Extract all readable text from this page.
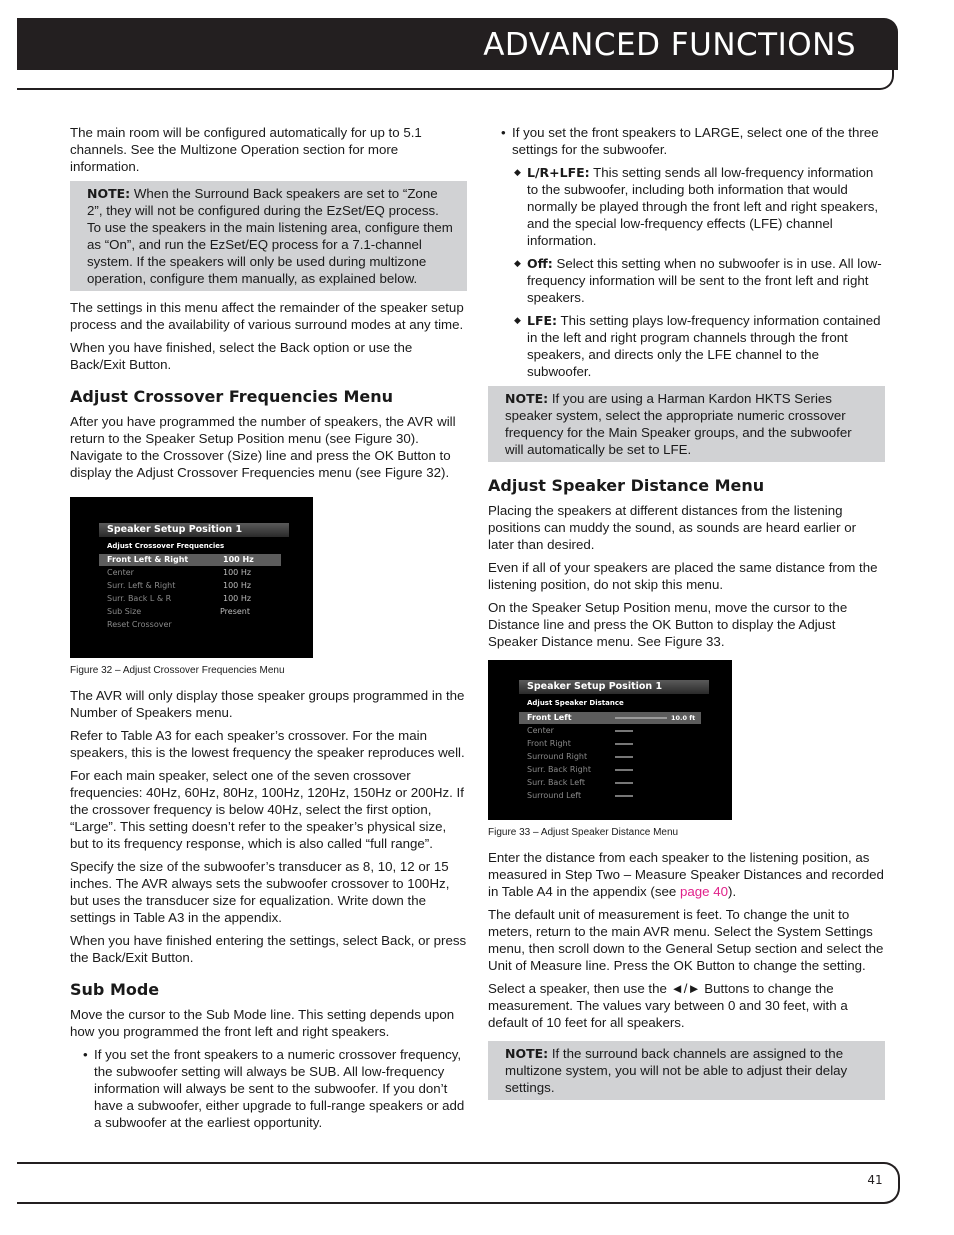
ADVANCED FUNCTIONS

The main room will be configured automatically for up to 5.1 channels. See the Multizone Operation section for more information.

NOTE: When the Surround Back speakers are set to “Zone 2”, they will not be configured during the EzSet/EQ process. To use the speakers in the main listening area, configure them as “On”, and run the EzSet/EQ process for a 7.1-channel system. If the speakers will only be used during multizone operation, configure them manually, as explained below.

The settings in this menu affect the remainder of the speaker setup process and the availability of various surround modes at any time.

When you have finished, select the Back option or use the Back/Exit Button.

Adjust Crossover Frequencies Menu

After you have programmed the number of speakers, the AVR will return to the Speaker Setup Position menu (see Figure 30). Navigate to the Crossover (Size) line and press the OK Button to display the Adjust Crossover Frequencies menu (see Figure 32).

Speaker Setup Position 1
Adjust Crossover Frequencies
Front Left & Right	100 Hz
Center	100 Hz
Surr. Left & Right	100 Hz
Surr. Back L & R	100 Hz
Sub Size	Present
Reset Crossover
Figure 32 – Adjust Crossover Frequencies Menu

The AVR will only display those speaker groups programmed in the Number of Speakers menu.

Refer to Table A3 for each speaker’s crossover. For the main speakers, this is the lowest frequency the speaker reproduces well.

For each main speaker, select one of the seven crossover frequencies: 40Hz, 60Hz, 80Hz, 100Hz, 120Hz, 150Hz or 200Hz. If the crossover frequency is below 40Hz, select the first option, “Large”. This setting doesn’t refer to the speaker’s physical size, but to its frequency response, which is also called “full range”.

Specify the size of the subwoofer’s transducer as 8, 10, 12 or 15 inches. The AVR always sets the subwoofer crossover to 100Hz, but uses the transducer size for equalization. Write down the settings in Table A3 in the appendix.

When you have finished entering the settings, select Back, or press the Back/Exit Button.

Sub Mode

Move the cursor to the Sub Mode line. This setting depends upon how you programmed the front left and right speakers.

• If you set the front speakers to a numeric crossover frequency, the subwoofer setting will always be SUB. All low-frequency information will always be sent to the subwoofer. If you don’t have a subwoofer, either upgrade to full-range speakers or add a subwoofer at the earliest opportunity.
• If you set the front speakers to LARGE, select one of the three settings for the subwoofer.
◆ L/R+LFE: This setting sends all low-frequency information to the subwoofer, including both information that would normally be played through the front left and right speakers, and the special low-frequency effects (LFE) channel information.
◆ Off: Select this setting when no subwoofer is in use. All low-frequency information will be sent to the front left and right speakers.
◆ LFE: This setting plays low-frequency information contained in the left and right program channels through the front speakers, and directs only the LFE channel to the subwoofer.
NOTE: If you are using a Harman Kardon HKTS Series speaker system, select the appropriate numeric crossover frequency for the Main Speaker groups, and the subwoofer will automatically be set to LFE.
Adjust Speaker Distance Menu

Placing the speakers at different distances from the listening positions can muddy the sound, as sounds are heard earlier or later than desired.

Even if all of your speakers are placed the same distance from the listening position, do not skip this menu.

On the Speaker Setup Position menu, move the cursor to the Distance line and press the OK Button to display the Adjust Speaker Distance menu. See Figure 33.

Speaker Setup Position 1
Adjust Speaker Distance
Front Left	10.0 ft
Center
Front Right
Surround Right
Surr. Back Right
Surr. Back Left
Surround Left
Figure 33 – Adjust Speaker Distance Menu

Enter the distance from each speaker to the listening position, as measured in Step Two – Measure Speaker Distances and recorded in Table A4 in the appendix (see page 40).

The default unit of measurement is feet. To change the unit to meters, return to the main AVR menu. Select the System Settings menu, then scroll down to the General Setup section and select the Unit of Measure line. Press the OK Button to change the setting.

Select a speaker, then use the ◄/► Buttons to change the measurement. The values vary between 0 and 30 feet, with a default of 10 feet for all speakers.

NOTE: If the surround back channels are assigned to the multizone system, you will not be able to adjust their delay settings.
41
